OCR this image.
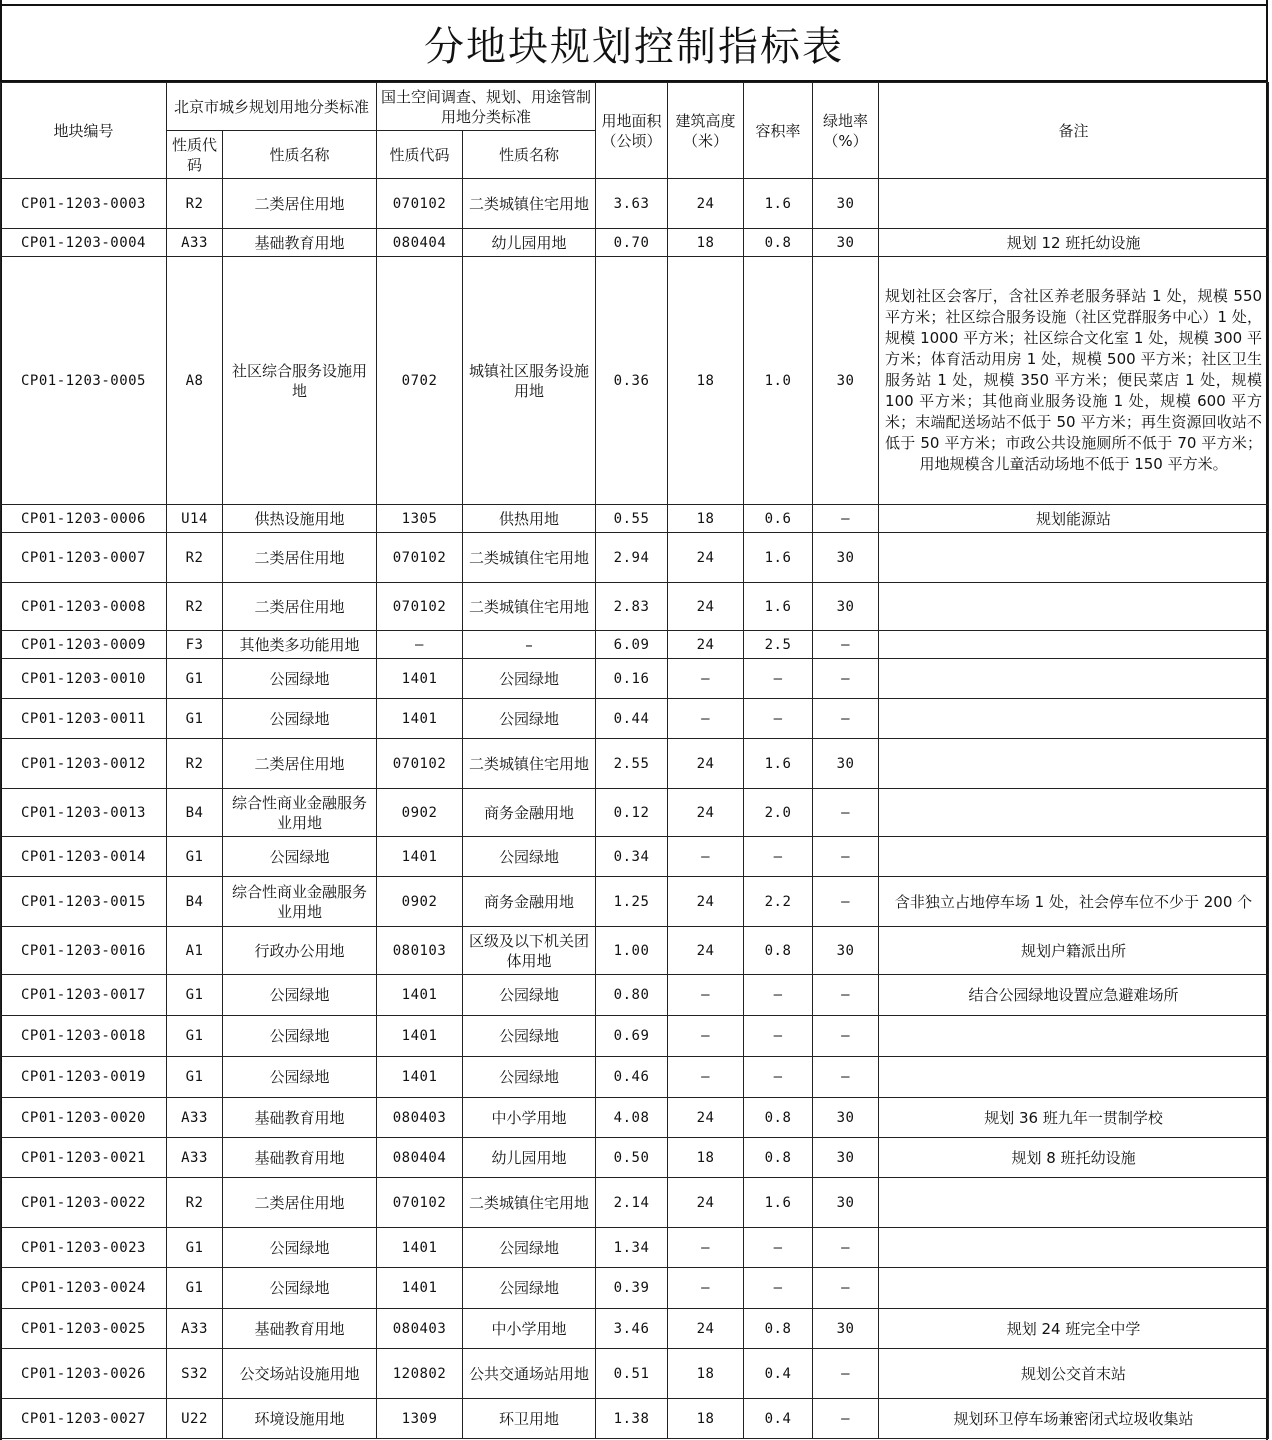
分地块规划控制指标表
地块编号	北京市城乡规划用地分类标准		国土空间调查、规划、用途管制用地分类标准		用地面积（公顷）	建筑高度（米）	容积率	绿地率（%）	备注
	性质代码	性质名称	性质代码	性质名称					
CP01-1203-0003	R2	二类居住用地	070102	二类城镇住宅用地	3.63	24	1.6	30	
CP01-1203-0004	A33	基础教育用地	080404	幼儿园用地	0.70	18	0.8	30	规划 12 班托幼设施
CP01-1203-0005	A8	社区综合服务设施用地	0702	城镇社区服务设施用地	0.36	18	1.0	30	规划社区会客厅，含社区养老服务驿站 1 处，规模 550 平方米；社区综合服务设施（社区党群服务中心）1 处，规模 1000 平方米；社区综合文化室 1 处，规模 300 平方米；体育活动用房 1 处，规模 500 平方米；社区卫生服务站 1 处，规模 350 平方米；便民菜店 1 处，规模 100 平方米；其他商业服务设施 1 处，规模 600 平方米；末端配送场站不低于 50 平方米；再生资源回收站不低于 50 平方米；市政公共设施厕所不低于 70 平方米；用地规模含儿童活动场地不低于 150 平方米。
CP01-1203-0006	U14	供热设施用地	1305	供热用地	0.55	18	0.6	–	规划能源站
CP01-1203-0007	R2	二类居住用地	070102	二类城镇住宅用地	2.94	24	1.6	30	
CP01-1203-0008	R2	二类居住用地	070102	二类城镇住宅用地	2.83	24	1.6	30	
CP01-1203-0009	F3	其他类多功能用地	–	–	6.09	24	2.5	–	
CP01-1203-0010	G1	公园绿地	1401	公园绿地	0.16	–	–	–	
CP01-1203-0011	G1	公园绿地	1401	公园绿地	0.44	–	–	–	
CP01-1203-0012	R2	二类居住用地	070102	二类城镇住宅用地	2.55	24	1.6	30	
CP01-1203-0013	B4	综合性商业金融服务业用地	0902	商务金融用地	0.12	24	2.0	–	
CP01-1203-0014	G1	公园绿地	1401	公园绿地	0.34	–	–	–	
CP01-1203-0015	B4	综合性商业金融服务业用地	0902	商务金融用地	1.25	24	2.2	–	含非独立占地停车场 1 处，社会停车位不少于 200 个
CP01-1203-0016	A1	行政办公用地	080103	区级及以下机关团体用地	1.00	24	0.8	30	规划户籍派出所
CP01-1203-0017	G1	公园绿地	1401	公园绿地	0.80	–	–	–	结合公园绿地设置应急避难场所
CP01-1203-0018	G1	公园绿地	1401	公园绿地	0.69	–	–	–	
CP01-1203-0019	G1	公园绿地	1401	公园绿地	0.46	–	–	–	
CP01-1203-0020	A33	基础教育用地	080403	中小学用地	4.08	24	0.8	30	规划 36 班九年一贯制学校
CP01-1203-0021	A33	基础教育用地	080404	幼儿园用地	0.50	18	0.8	30	规划 8 班托幼设施
CP01-1203-0022	R2	二类居住用地	070102	二类城镇住宅用地	2.14	24	1.6	30	
CP01-1203-0023	G1	公园绿地	1401	公园绿地	1.34	–	–	–	
CP01-1203-0024	G1	公园绿地	1401	公园绿地	0.39	–	–	–	
CP01-1203-0025	A33	基础教育用地	080403	中小学用地	3.46	24	0.8	30	规划 24 班完全中学
CP01-1203-0026	S32	公交场站设施用地	120802	公共交通场站用地	0.51	18	0.4	–	规划公交首末站
CP01-1203-0027	U22	环境设施用地	1309	环卫用地	1.38	18	0.4	–	规划环卫停车场兼密闭式垃圾收集站
